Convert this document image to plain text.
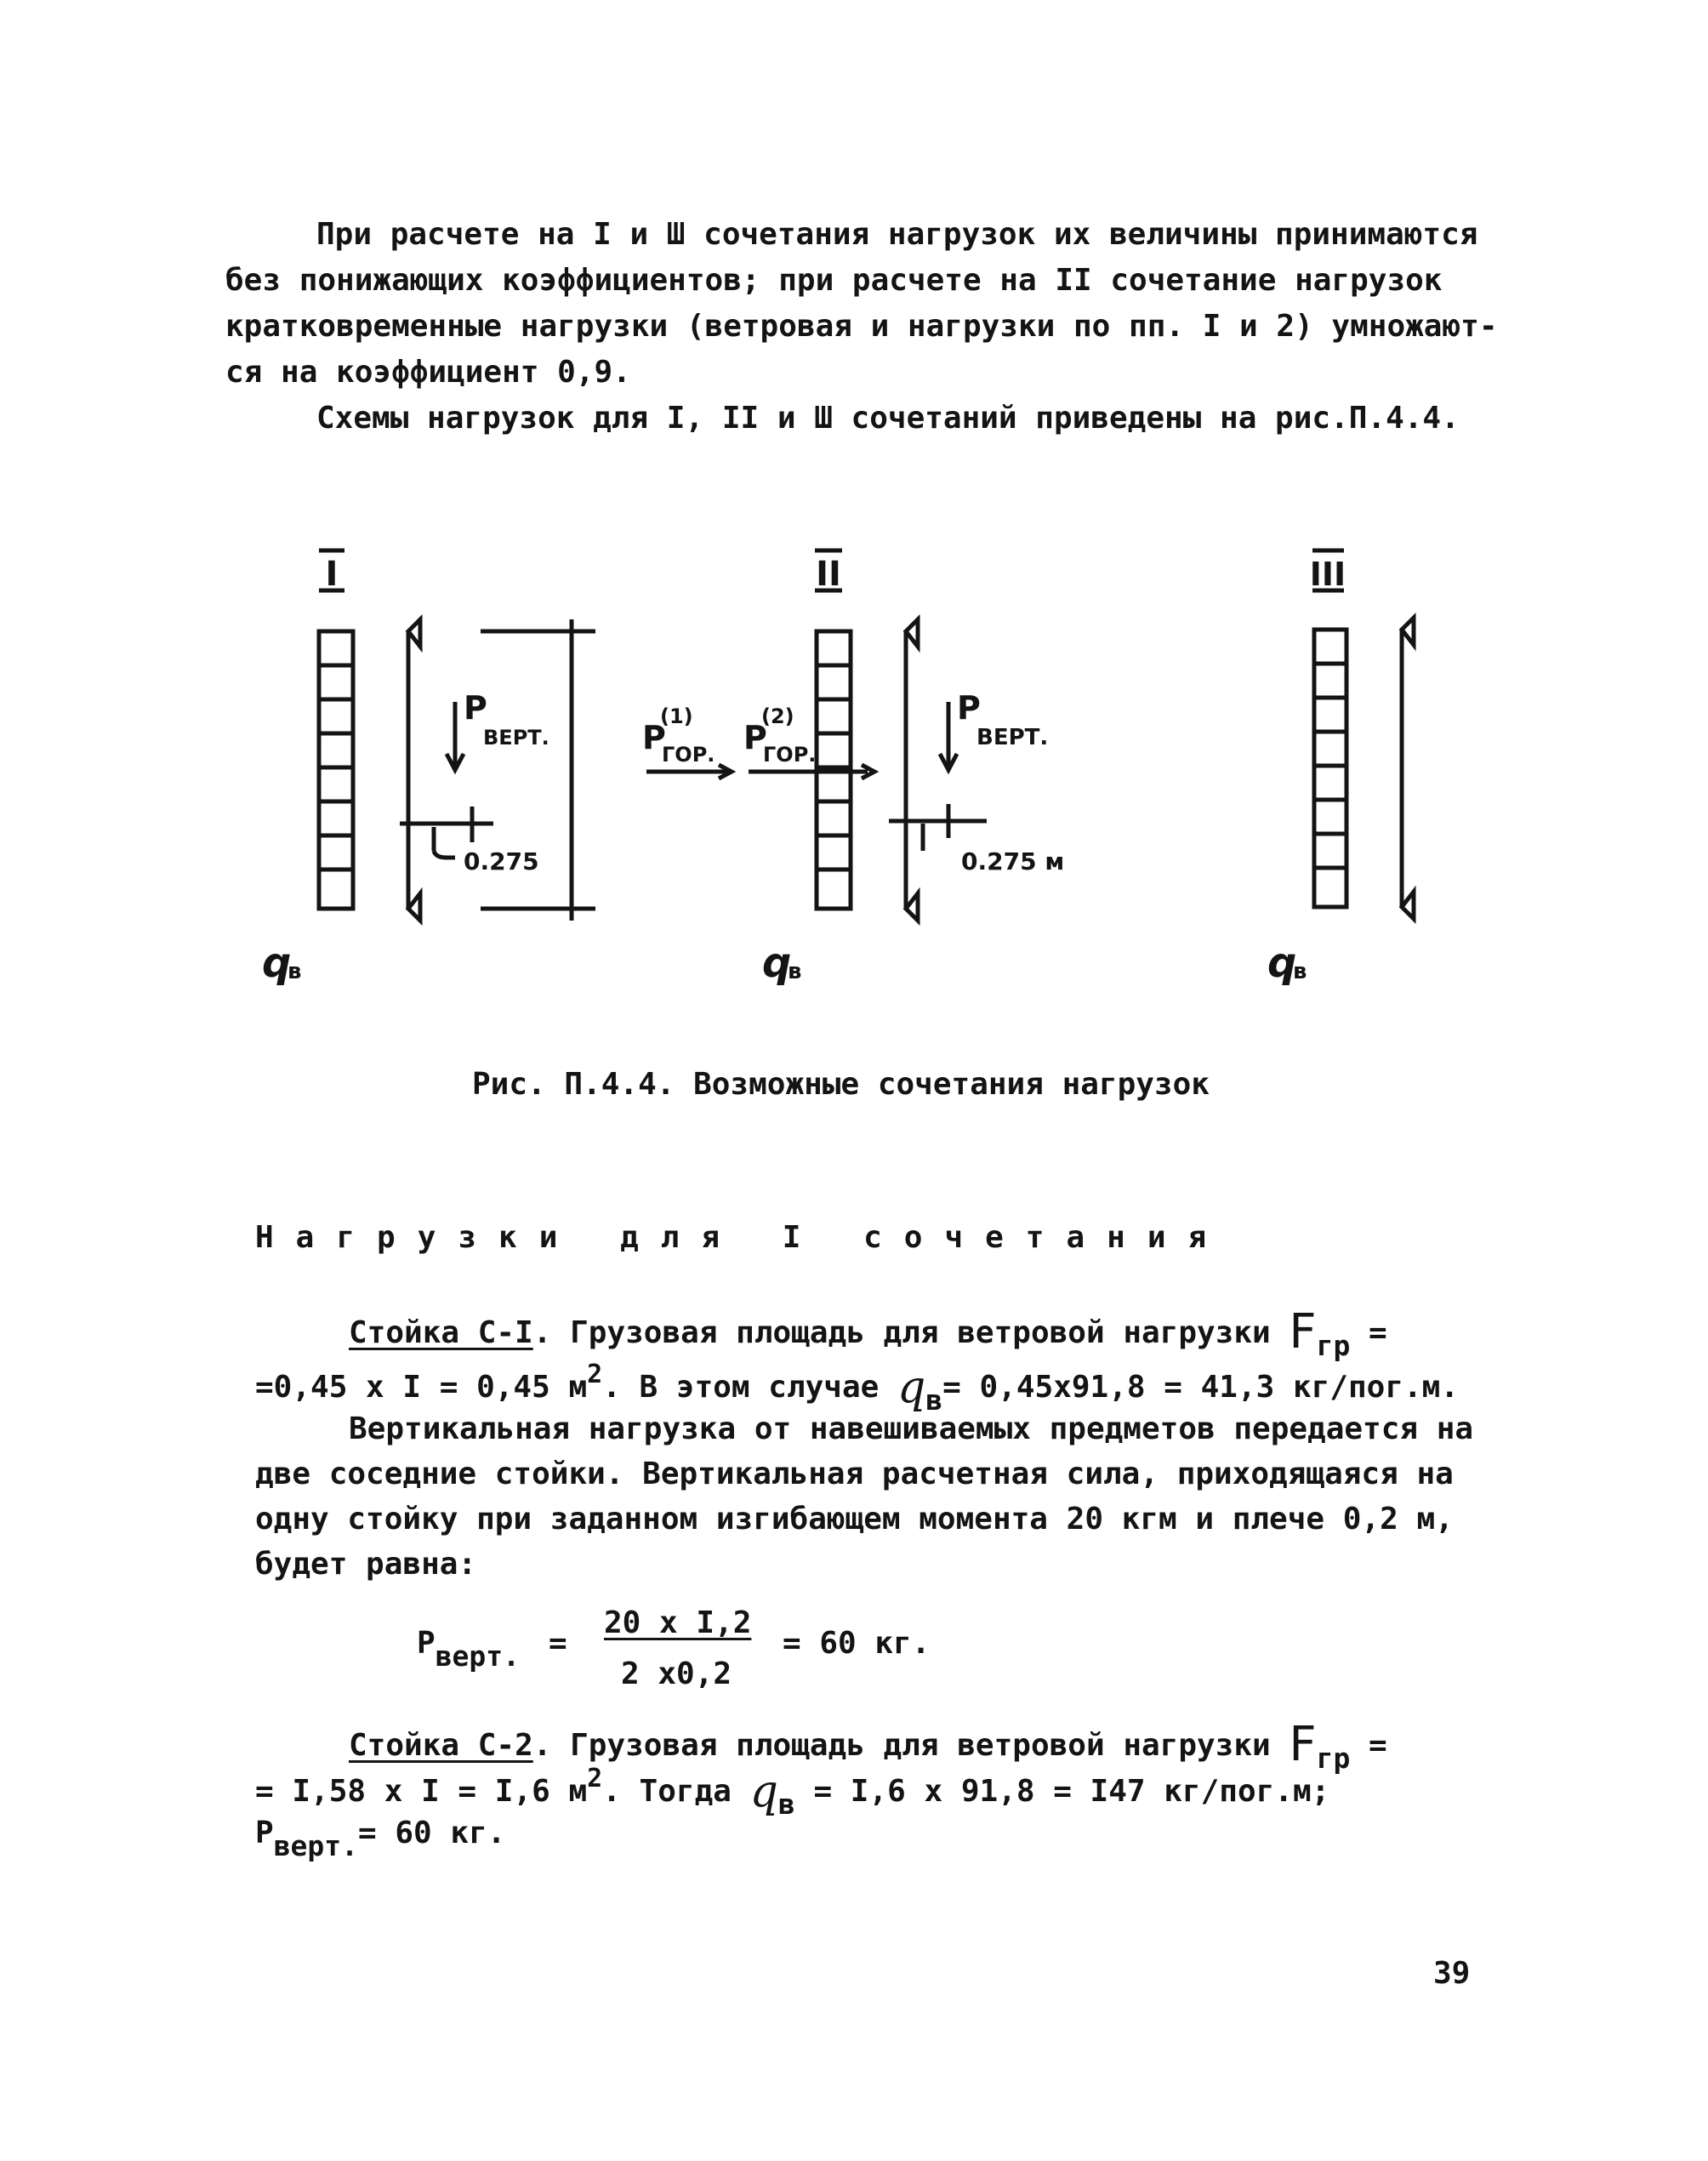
При расчете на I и Ш сочетания нагрузок их величины принимаются
без понижающих коэффициентов; при расчете на II сочетание нагрузок
кратковременные нагрузки (ветровая и нагрузки по пп. I и 2) умножают-
ся на коэффициент 0,9.
Схемы нагрузок для I, II и Ш сочетаний приведены на рис.П.4.4.
I	II	III
Р
ВЕРТ.
0.275
Р
(1)
ГОР. Р
(2)
ГОР.
Р
ВЕРТ.
0.275 м
q
в	q
в	q
в
Рис. П.4.4. Возможные сочетания нагрузок
Нагрузки для I сочетания
Стойка С-I. Грузовая площадь для ветровой нагрузки Fгр =
=0,45 х I = 0,45 $м^2$. В этом случае qв= 0,45х91,8 = 41,3 кг/пог.м.
Вертикальная нагрузка от навешиваемых предметов передается на
две соседние стойки. Вертикальная расчетная сила, приходящаяся на
одну стойку при заданном изгибающем момента 20 кгм и плече 0,2 м,
будет равна:
Рверт. =
20 х I,2
2 х0,2
= 60 кг.
Стойка С-2. Грузовая площадь для ветровой нагрузки Fгр =
= I,58 х I = I,6 $м^2$. Тогда qв = I,6 х 91,8 = I47 кг/пог.м;
Рверт.= 60 кг.
39
